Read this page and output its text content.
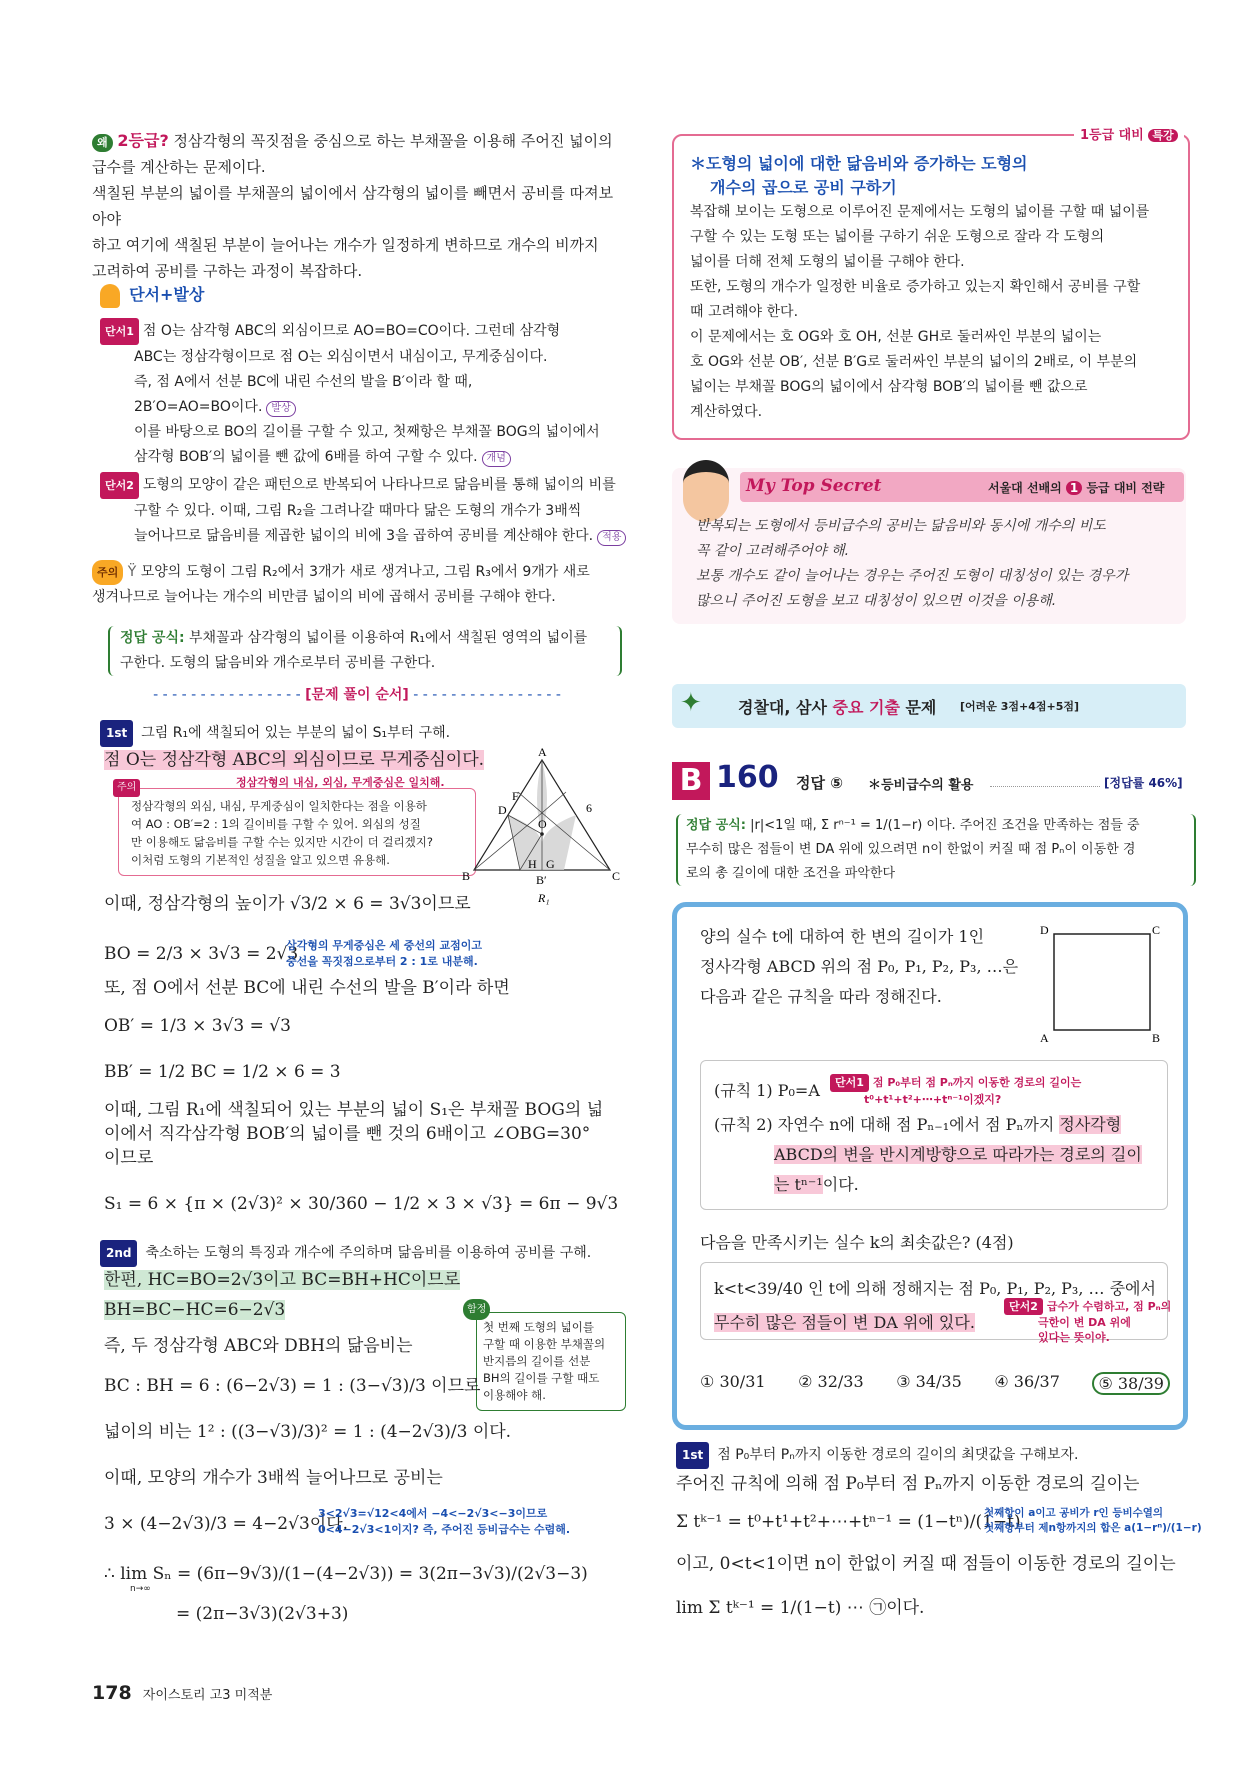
왜 2등급? 정삼각형의 꼭짓점을 중심으로 하는 부채꼴을 이용해 주어진 넓이의
급수를 계산하는 문제이다.
색칠된 부분의 넓이를 부채꼴의 넓이에서 삼각형의 넓이를 빼면서 공비를 따져보아야
하고 여기에 색칠된 부분이 늘어나는 개수가 일정하게 변하므로 개수의 비까지
고려하여 공비를 구하는 과정이 복잡하다.
단서+발상
단서1 점 O는 삼각형 ABC의 외심이므로 AO=BO=CO이다. 그런데 삼각형
ABC는 정삼각형이므로 점 O는 외심이면서 내심이고, 무게중심이다.
즉, 점 A에서 선분 BC에 내린 수선의 발을 B′이라 할 때,
2B′O=AO=BO이다. 발상
이를 바탕으로 BO의 길이를 구할 수 있고, 첫째항은 부채꼴 BOG의 넓이에서
삼각형 BOB′의 넓이를 뺀 값에 6배를 하여 구할 수 있다. 개념
단서2 도형의 모양이 같은 패턴으로 반복되어 나타나므로 닮음비를 통해 넓이의 비를
구할 수 있다. 이때, 그림 R₂을 그려나갈 때마다 닮은 도형의 개수가 3배씩
늘어나므로 닮음비를 제곱한 넓이의 비에 3을 곱하여 공비를 계산해야 한다. 적용
주의 Ÿ 모양의 도형이 그림 R₂에서 3개가 새로 생겨나고, 그림 R₃에서 9개가 새로
생겨나므로 늘어나는 개수의 비만큼 넓이의 비에 곱해서 공비를 구해야 한다.
정답 공식: 부채꼴과 삼각형의 넓이를 이용하여 R₁에서 색칠된 영역의 넓이를
구한다. 도형의 닮음비와 개수로부터 공비를 구한다.
- - - - - - - - - - - - - - - - [문제 풀이 순서] - - - - - - - - - - - - - - - -
1st 그림 R₁에 색칠되어 있는 부분의 넓이 S₁부터 구해.
점 O는 정삼각형 ABC의 외심이므로 무게중심이다.
정삼각형의 내심, 외심, 무게중심은 일치해.
주의
정삼각형의 외심, 내심, 무게중심이 일치한다는 점을 이용하
여 AO : OB′=2 : 1의 길이비를 구할 수 있어. 외심의 성질
만 이용해도 닮음비를 구할 수는 있지만 시간이 더 걸리겠지?
이처럼 도형의 기본적인 성질을 알고 있으면 유용해.
A
B	C
D
F
O
H G
B′
6
R₁
이때, 정삼각형의 높이가 √3/2 × 6 = 3√3이므로
BO = 2/3 × 3√3 = 2√3
삼각형의 무게중심은 세 중선의 교점이고
중선을 꼭짓점으로부터 2 : 1로 내분해.
또, 점 O에서 선분 BC에 내린 수선의 발을 B′이라 하면
OB′ = 1/3 × 3√3 = √3
BB′ = 1/2 BC = 1/2 × 6 = 3
이때, 그림 R₁에 색칠되어 있는 부분의 넓이 S₁은 부채꼴 BOG의 넓
이에서 직각삼각형 BOB′의 넓이를 뺀 것의 6배이고 ∠OBG=30°
이므로
S₁ = 6 × {π × (2√3)² × 30/360 − 1/2 × 3 × √3} = 6π − 9√3
2nd 축소하는 도형의 특징과 개수에 주의하며 닮음비를 이용하여 공비를 구해.
한편, HC=BO=2√3이고 BC=BH+HC이므로
BH=BC−HC=6−2√3	함정
첫 번째 도형의 넓이를
구할 때 이용한 부채꼴의
반지름의 길이를 선분
BH의 길이를 구할 때도
이용해야 해.
즉, 두 정삼각형 ABC와 DBH의 닮음비는
BC : BH = 6 : (6−2√3) = 1 : (3−√3)/3 이므로
넓이의 비는 1² : ((3−√3)/3)² = 1 : (4−2√3)/3 이다.
이때, 모양의 개수가 3배씩 늘어나므로 공비는
3 × (4−2√3)/3 = 4−2√3이다.
3<2√3=√12<4에서 −4<−2√3<−3이므로
0<4−2√3<1이지? 즉, 주어진 등비급수는 수렴해.
∴ lim Sₙ = (6π−9√3)/(1−(4−2√3)) = 3(2π−3√3)/(2√3−3)
n→∞
= (2π−3√3)(2√3+3)
178 자이스토리 고3 미적분
1등급 대비 특강
＊도형의 넓이에 대한 닮음비와 증가하는 도형의
개수의 곱으로 공비 구하기
복잡해 보이는 도형으로 이루어진 문제에서는 도형의 넓이를 구할 때 넓이를
구할 수 있는 도형 또는 넓이를 구하기 쉬운 도형으로 잘라 각 도형의
넓이를 더해 전체 도형의 넓이를 구해야 한다.
또한, 도형의 개수가 일정한 비율로 증가하고 있는지 확인해서 공비를 구할
때 고려해야 한다.
이 문제에서는 호 OG와 호 OH, 선분 GH로 둘러싸인 부분의 넓이는
호 OG와 선분 OB′, 선분 B′G로 둘러싸인 부분의 넓이의 2배로, 이 부분의
넓이는 부채꼴 BOG의 넓이에서 삼각형 BOB′의 넓이를 뺀 값으로
계산하였다.
My Top Secret	서울대 선배의 1 등급 대비 전략
반복되는 도형에서 등비급수의 공비는 닮음비와 동시에 개수의 비도
꼭 같이 고려해주어야 해.
보통 개수도 같이 늘어나는 경우는 주어진 도형이 대칭성이 있는 경우가
많으니 주어진 도형을 보고 대칭성이 있으면 이것을 이용해.
✦ 경찰대, 삼사 중요 기출 문제 [어려운 3점+4점+5점]
B 160 정답 ⑤ ＊등비급수의 활용	[정답률 46%]
정답 공식: |r|<1일 때, Σ rⁿ⁻¹ = 1/(1−r) 이다. 주어진 조건을 만족하는 점들 중
무수히 많은 점들이 변 DA 위에 있으려면 n이 한없이 커질 때 점 Pₙ이 이동한 경
로의 총 길이에 대한 조건을 파악한다
양의 실수 t에 대하여 한 변의 길이가 1인
정사각형 ABCD 위의 점 P₀, P₁, P₂, P₃, …은
다음과 같은 규칙을 따라 정해진다.
D	C
A	B
(규칙 1) P₀=A	단서1 점 P₀부터 점 Pₙ까지 이동한 경로의 길이는
t⁰+t¹+t²+⋯+tⁿ⁻¹이겠지?
(규칙 2) 자연수 n에 대해 점 Pₙ₋₁에서 점 Pₙ까지 정사각형
ABCD의 변을 반시계방향으로 따라가는 경로의 길이
는 tⁿ⁻¹이다.
다음을 만족시키는 실수 k의 최솟값은? (4점)
k<t<39/40 인 t에 의해 정해지는 점 P₀, P₁, P₂, P₃, … 중에서
무수히 많은 점들이 변 DA 위에 있다.
단서2 급수가 수렴하고, 점 Pₙ의
극한이 변 DA 위에
있다는 뜻이야.
① 30/31 ② 32/33 ③ 34/35 ④ 36/37	⑤ 38/39
1st 점 P₀부터 Pₙ까지 이동한 경로의 길이의 최댓값을 구해보자.
주어진 규칙에 의해 점 P₀부터 점 Pₙ까지 이동한 경로의 길이는
Σ tᵏ⁻¹ = t⁰+t¹+t²+⋯+tⁿ⁻¹ = (1−tⁿ)/(1−t)
첫째항이 a이고 공비가 r인 등비수열의
첫째항부터 제n항까지의 합은 a(1−rⁿ)/(1−r)
이고, 0<t<1이면 n이 한없이 커질 때 점들이 이동한 경로의 길이는
lim Σ tᵏ⁻¹ = 1/(1−t) ⋯ ㉠이다.
